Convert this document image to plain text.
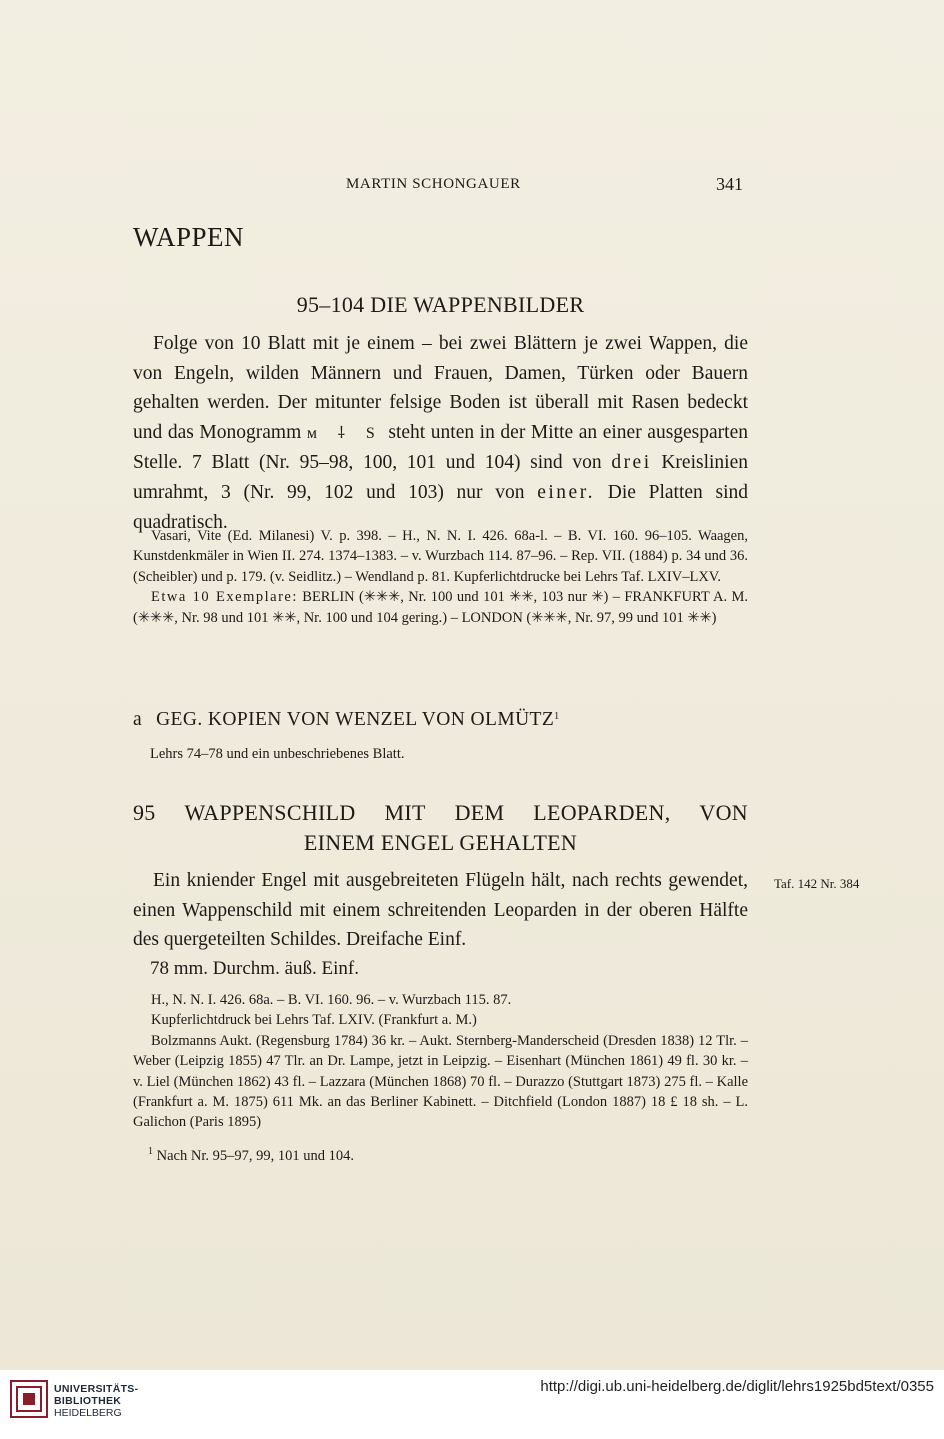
MARTIN SCHONGAUER	341
WAPPEN
95–104 DIE WAPPENBILDER

Folge von 10 Blatt mit je einem – bei zwei Blättern je zwei Wappen, die von Engeln, wilden Männern und Frauen, Damen, Türken oder Bauern gehalten werden. Der mitunter felsige Boden ist überall mit Rasen bedeckt und das Monogramm ᴍ ⸸ S steht unten in der Mitte an einer ausgesparten Stelle. 7 Blatt (Nr. 95–98, 100, 101 und 104) sind von drei Kreislinien umrahmt, 3 (Nr. 99, 102 und 103) nur von einer. Die Platten sind quadratisch.

Vasari, Vite (Ed. Milanesi) V. p. 398. – H., N. N. I. 426. 68a-l. – B. VI. 160. 96–105. Waagen, Kunstdenkmäler in Wien II. 274. 1374–1383. – v. Wurzbach 114. 87–96. – Rep. VII. (1884) p. 34 und 36. (Scheibler) und p. 179. (v. Seidlitz.) – Wendland p. 81. Kupferlichtdrucke bei Lehrs Taf. LXIV–LXV.

Etwa 10 Exemplare: BERLIN (✳✳✳, Nr. 100 und 101 ✳✳, 103 nur ✳) – FRANKFURT A. M. (✳✳✳, Nr. 98 und 101 ✳✳, Nr. 100 und 104 gering.) – LONDON (✳✳✳, Nr. 97, 99 und 101 ✳✳)

a GEG. KOPIEN VON WENZEL VON OLMÜTZ$^1$
Lehrs 74–78 und ein unbeschriebenes Blatt.
95 WAPPENSCHILD MIT DEM LEOPARDEN, VON
EINEM ENGEL GEHALTEN
Taf. 142 Nr. 384

Ein kniender Engel mit ausgebreiteten Flügeln hält, nach rechts gewendet, einen Wappenschild mit einem schreitenden Leoparden in der oberen Hälfte des quergeteilten Schildes. Dreifache Einf.

78 mm. Durchm. äuß. Einf.

H., N. N. I. 426. 68a. – B. VI. 160. 96. – v. Wurzbach 115. 87.

Kupferlichtdruck bei Lehrs Taf. LXIV. (Frankfurt a. M.)

Bolzmanns Aukt. (Regensburg 1784) 36 kr. – Aukt. Sternberg-Manderscheid (Dresden 1838) 12 Tlr. – Weber (Leipzig 1855) 47 Tlr. an Dr. Lampe, jetzt in Leipzig. – Eisenhart (München 1861) 49 fl. 30 kr. – v. Liel (München 1862) 43 fl. – Lazzara (München 1868) 70 fl. – Durazzo (Stuttgart 1873) 275 fl. – Kalle (Frankfurt a. M. 1875) 611 Mk. an das Berliner Kabinett. – Ditchfield (London 1887) 18 £ 18 sh. – L. Galichon (Paris 1895)

$^1$ Nach Nr. 95–97, 99, 101 und 104.
UNIVERSITÄTS-
BIBLIOTHEK
HEIDELBERG
http://digi.ub.uni-heidelberg.de/diglit/lehrs1925bd5text/0355
